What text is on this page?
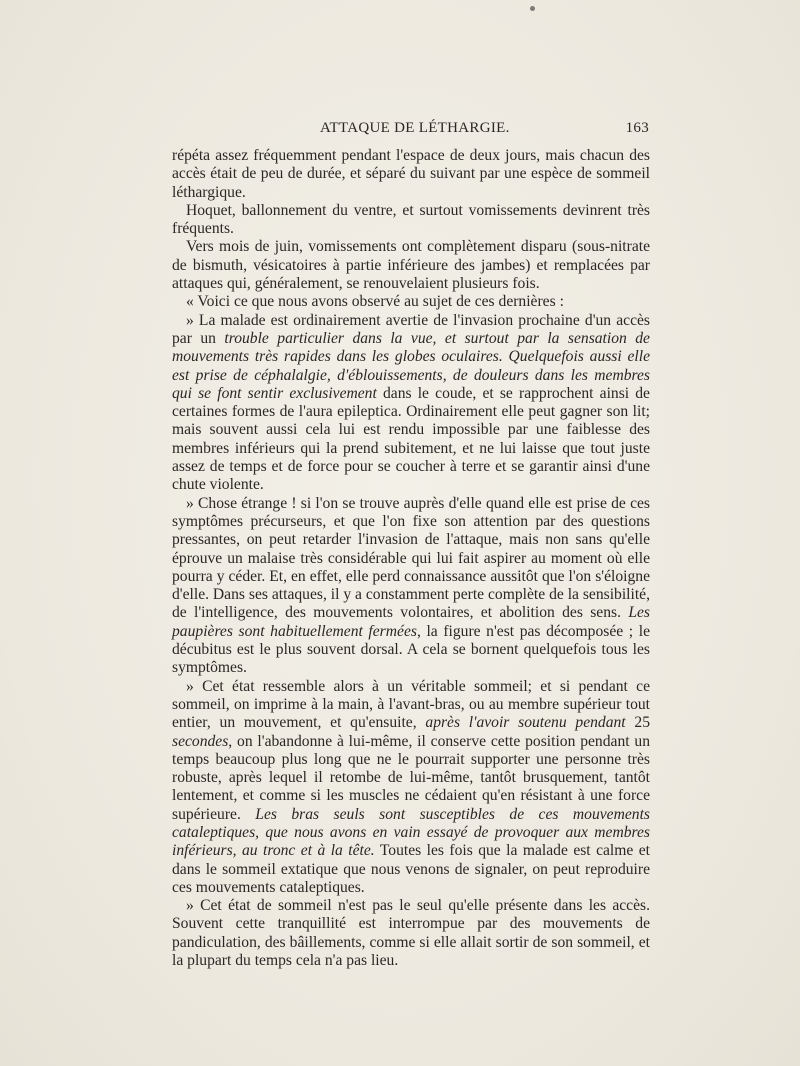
ATTAQUE DE LÉTHARGIE.	163

répéta assez fréquemment pendant l'espace de deux jours, mais chacun des accès était de peu de durée, et séparé du suivant par une espèce de sommeil léthargique.

Hoquet, ballonnement du ventre, et surtout vomissements devinrent très fréquents.

Vers mois de juin, vomissements ont complètement disparu (sous-nitrate de bismuth, vésicatoires à partie inférieure des jambes) et remplacées par attaques qui, généralement, se renouvelaient plusieurs fois.

« Voici ce que nous avons observé au sujet de ces dernières :

» La malade est ordinairement avertie de l'invasion prochaine d'un accès par un trouble particulier dans la vue, et surtout par la sensation de mouvements très rapides dans les globes oculaires. Quelquefois aussi elle est prise de céphalalgie, d'éblouissements, de douleurs dans les membres qui se font sentir exclusivement dans le coude, et se rapprochent ainsi de certaines formes de l'aura epileptica. Ordinairement elle peut gagner son lit; mais souvent aussi cela lui est rendu impossible par une faiblesse des membres inférieurs qui la prend subitement, et ne lui laisse que tout juste assez de temps et de force pour se coucher à terre et se garantir ainsi d'une chute violente.

» Chose étrange ! si l'on se trouve auprès d'elle quand elle est prise de ces symptômes précurseurs, et que l'on fixe son attention par des questions pressantes, on peut retarder l'invasion de l'attaque, mais non sans qu'elle éprouve un malaise très considérable qui lui fait aspirer au moment où elle pourra y céder. Et, en effet, elle perd connaissance aussitôt que l'on s'éloigne d'elle. Dans ses attaques, il y a constamment perte complète de la sensibilité, de l'intelligence, des mouvements volontaires, et abolition des sens. Les paupières sont habituellement fermées, la figure n'est pas décomposée ; le décubitus est le plus souvent dorsal. A cela se bornent quelquefois tous les symptômes.

» Cet état ressemble alors à un véritable sommeil; et si pendant ce sommeil, on imprime à la main, à l'avant-bras, ou au membre supérieur tout entier, un mouvement, et qu'ensuite, après l'avoir soutenu pendant 25 secondes, on l'abandonne à lui-même, il conserve cette position pendant un temps beaucoup plus long que ne le pourrait supporter une personne très robuste, après lequel il retombe de lui-même, tantôt brusquement, tantôt lentement, et comme si les muscles ne cédaient qu'en résistant à une force supérieure. Les bras seuls sont susceptibles de ces mouvements cataleptiques, que nous avons en vain essayé de provoquer aux membres inférieurs, au tronc et à la tête. Toutes les fois que la malade est calme et dans le sommeil extatique que nous venons de signaler, on peut reproduire ces mouvements cataleptiques.

» Cet état de sommeil n'est pas le seul qu'elle présente dans les accès. Souvent cette tranquillité est interrompue par des mouvements de pandiculation, des bâillements, comme si elle allait sortir de son sommeil, et la plupart du temps cela n'a pas lieu.
